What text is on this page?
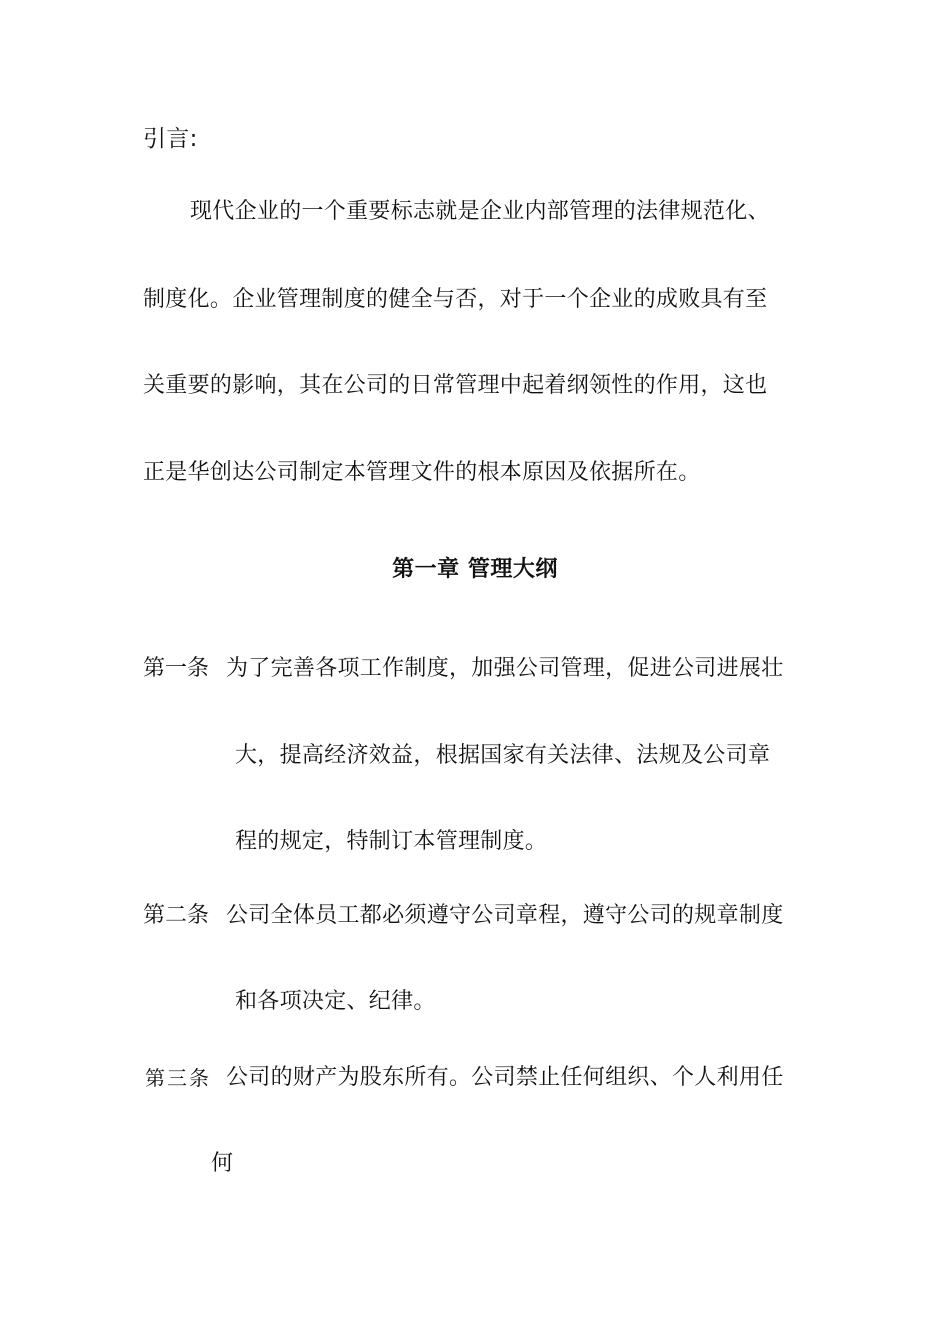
引言:
现代企业的一个重要标志就是企业内部管理的法律规范化、
制度化。企业管理制度的健全与否，对于一个企业的成败具有至
关重要的影响，其在公司的日常管理中起着纲领性的作用，这也
正是华创达公司制定本管理文件的根本原因及依据所在。
第一章 管理大纲
第一条 为了完善各项工作制度，加强公司管理，促进公司进展壮
大，提高经济效益，根据国家有关法律、法规及公司章
程的规定，特制订本管理制度。
第二条 公司全体员工都必须遵守公司章程，遵守公司的规章制度
和各项决定、纪律。
第三条 公司的财产为股东所有。公司禁止任何组织、个人利用任
何
